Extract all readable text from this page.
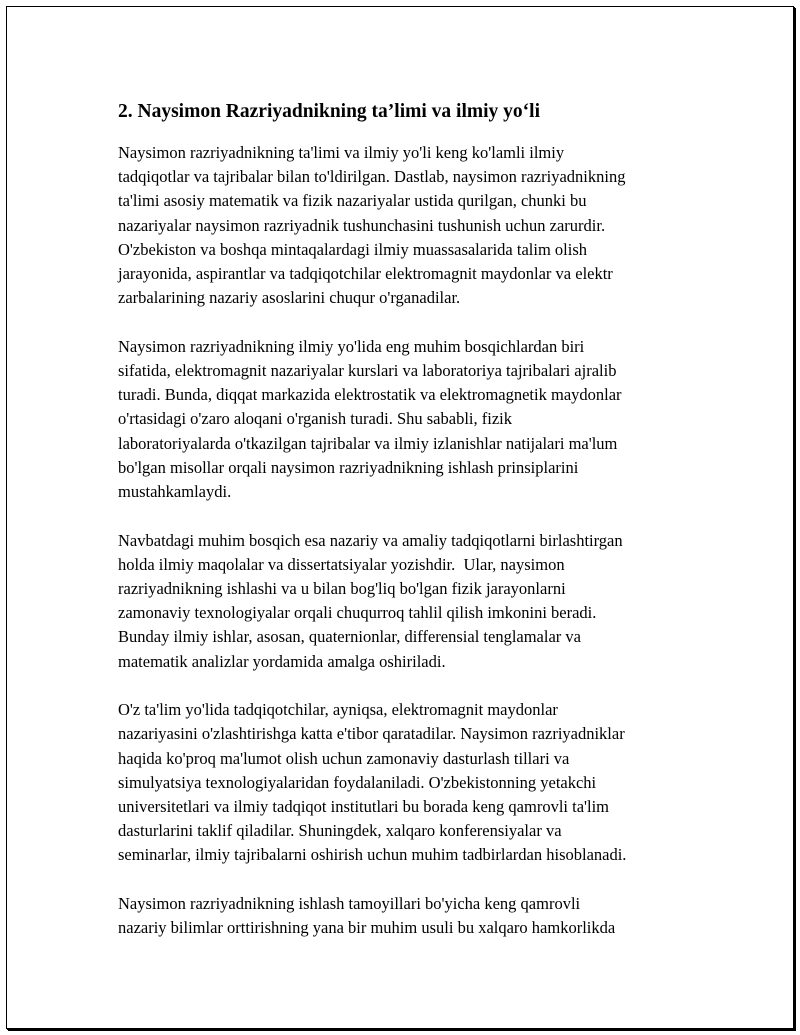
2. Naysimon Razriyadnikning ta’limi va ilmiy yo‘li
Naysimon razriyadnikning ta'limi va ilmiy yo'li keng ko'lamli ilmiy
tadqiqotlar va tajribalar bilan to'ldirilgan. Dastlab, naysimon razriyadnikning
ta'limi asosiy matematik va fizik nazariyalar ustida qurilgan, chunki bu
nazariyalar naysimon razriyadnik tushunchasini tushunish uchun zarurdir.
O'zbekiston va boshqa mintaqalardagi ilmiy muassasalarida talim olish
jarayonida, aspirantlar va tadqiqotchilar elektromagnit maydonlar va elektr
zarbalarining nazariy asoslarini chuqur o'rganadilar.
Naysimon razriyadnikning ilmiy yo'lida eng muhim bosqichlardan biri
sifatida, elektromagnit nazariyalar kurslari va laboratoriya tajribalari ajralib
turadi. Bunda, diqqat markazida elektrostatik va elektromagnetik maydonlar
o'rtasidagi o'zaro aloqani o'rganish turadi. Shu sababli, fizik
laboratoriyalarda o'tkazilgan tajribalar va ilmiy izlanishlar natijalari ma'lum
bo'lgan misollar orqali naysimon razriyadnikning ishlash prinsiplarini
mustahkamlaydi.
Navbatdagi muhim bosqich esa nazariy va amaliy tadqiqotlarni birlashtirgan
holda ilmiy maqolalar va dissertatsiyalar yozishdir.  Ular, naysimon
razriyadnikning ishlashi va u bilan bog'liq bo'lgan fizik jarayonlarni
zamonaviy texnologiyalar orqali chuqurroq tahlil qilish imkonini beradi.
Bunday ilmiy ishlar, asosan, quaternionlar, differensial tenglamalar va
matematik analizlar yordamida amalga oshiriladi.
O'z ta'lim yo'lida tadqiqotchilar, ayniqsa, elektromagnit maydonlar
nazariyasini o'zlashtirishga katta e'tibor qaratadilar. Naysimon razriyadniklar
haqida ko'proq ma'lumot olish uchun zamonaviy dasturlash tillari va
simulyatsiya texnologiyalaridan foydalaniladi. O'zbekistonning yetakchi
universitetlari va ilmiy tadqiqot institutlari bu borada keng qamrovli ta'lim
dasturlarini taklif qiladilar. Shuningdek, xalqaro konferensiyalar va
seminarlar, ilmiy tajribalarni oshirish uchun muhim tadbirlardan hisoblanadi.
Naysimon razriyadnikning ishlash tamoyillari bo'yicha keng qamrovli
nazariy bilimlar orttirishning yana bir muhim usuli bu xalqaro hamkorlikda
